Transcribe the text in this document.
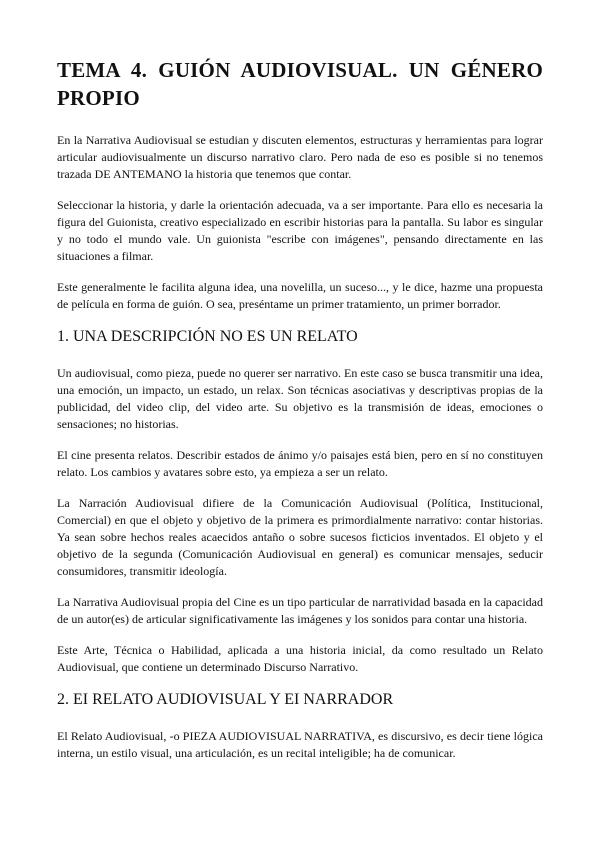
TEMA 4. GUIÓN AUDIOVISUAL. UN GÉNERO PROPIO

En la Narrativa Audiovisual se estudian y discuten elementos, estructuras y herramientas para lograr articular audiovisualmente un discurso narrativo claro. Pero nada de eso es posible si no tenemos trazada DE ANTEMANO la historia que tenemos que contar.

Seleccionar la historia, y darle la orientación adecuada, va a ser importante. Para ello es necesaria la figura del Guionista, creativo especializado en escribir historias para la pantalla. Su labor es singular y no todo el mundo vale. Un guionista "escribe con imágenes", pensando directamente en las situaciones a filmar.

Este generalmente le facilita alguna idea, una novelilla, un suceso..., y le dice, hazme una propuesta de película en forma de guión. O sea, preséntame un primer tratamiento, un primer borrador.

1. UNA DESCRIPCIÓN NO ES UN RELATO

Un audiovisual, como pieza, puede no querer ser narrativo. En este caso se busca transmitir una idea, una emoción, un impacto, un estado, un relax. Son técnicas asociativas y descriptivas propias de la publicidad, del video clip, del video arte. Su objetivo es la transmisión de ideas, emociones o sensaciones; no historias.

El cine presenta relatos. Describir estados de ánimo y/o paisajes está bien, pero en sí no constituyen relato. Los cambios y avatares sobre esto, ya empieza a ser un relato.

La Narración Audiovisual difiere de la Comunicación Audiovisual (Política, Institucional, Comercial) en que el objeto y objetivo de la primera es primordialmente narrativo: contar historias. Ya sean sobre hechos reales acaecidos antaño o sobre sucesos ficticios inventados. El objeto y el objetivo de la segunda (Comunicación Audiovisual en general) es comunicar mensajes, seducir consumidores, transmitir ideología.

La Narrativa Audiovisual propia del Cine es un tipo particular de narratividad basada en la capacidad de un autor(es) de articular significativamente las imágenes y los sonidos para contar una historia.

Este Arte, Técnica o Habilidad, aplicada a una historia inicial, da como resultado un Relato Audiovisual, que contiene un determinado Discurso Narrativo.

2. EI RELATO AUDIOVISUAL Y EI NARRADOR

El Relato Audiovisual, -o PIEZA AUDIOVISUAL NARRATIVA, es discursivo, es decir tiene lógica interna, un estilo visual, una articulación, es un recital inteligible; ha de comunicar.
